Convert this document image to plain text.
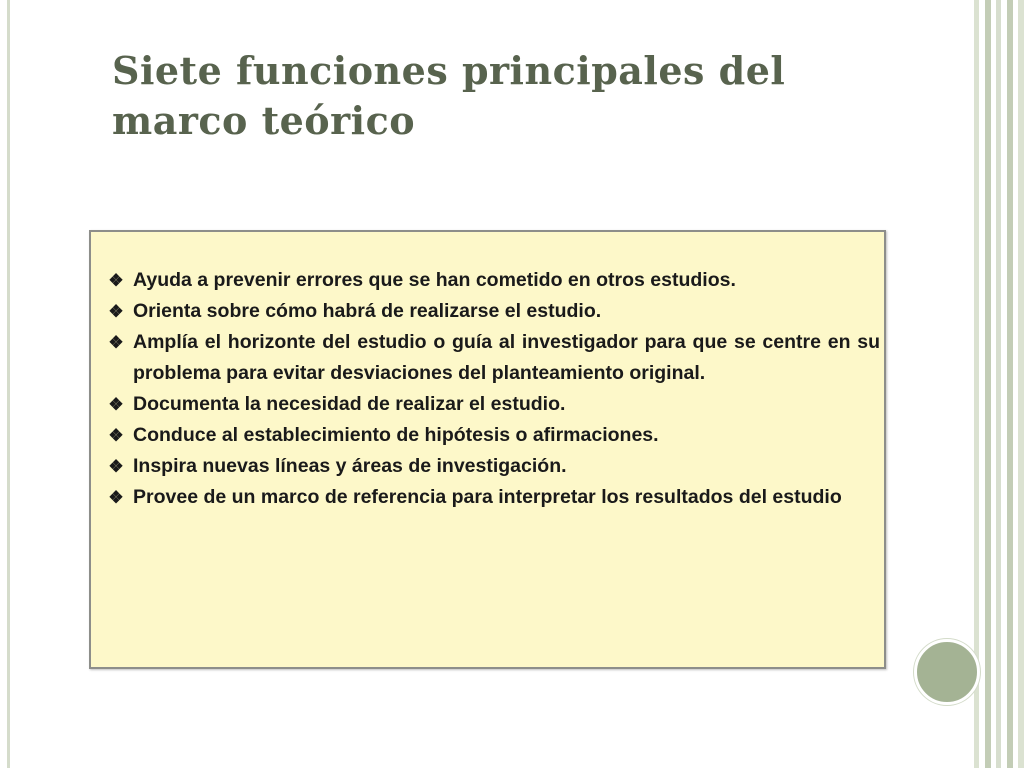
Siete funciones principales del marco teórico
❖ Ayuda a prevenir errores que se han cometido en otros estudios.
❖ Orienta sobre cómo habrá de realizarse el estudio.
❖ Amplía el horizonte del estudio o guía al investigador para que se centre en su problema para evitar desviaciones del planteamiento original.
❖ Documenta la necesidad de realizar el estudio.
❖ Conduce al establecimiento de hipótesis o afirmaciones.
❖ Inspira nuevas líneas y áreas de investigación.
❖ Provee de un marco de referencia para interpretar los resultados del estudio
